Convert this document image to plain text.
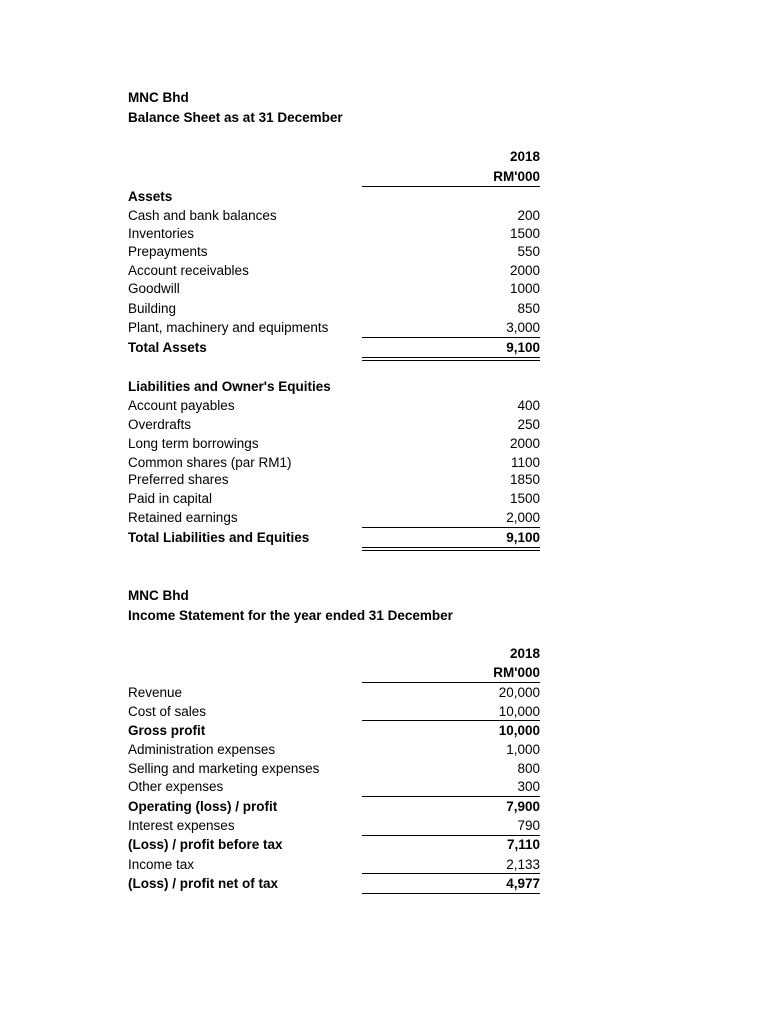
MNC Bhd
Balance Sheet as at 31 December
2018
RM'000
Assets
Cash and bank balances	200
Inventories	1500
Prepayments	550
Account receivables	2000
Goodwill	1000
Building	850
Plant, machinery and equipments	3,000
Total Assets	9,100
Liabilities and Owner's Equities
Account payables	400
Overdrafts	250
Long term borrowings	2000
Common shares (par RM1)	1100
Preferred shares	1850
Paid in capital	1500
Retained earnings	2,000
Total Liabilities and Equities	9,100
MNC Bhd
Income Statement for the year ended 31 December
2018
RM'000
Revenue	20,000
Cost of sales	10,000
Gross profit	10,000
Administration expenses	1,000
Selling and marketing expenses	800
Other expenses	300
Operating (loss) / profit	7,900
Interest expenses	790
(Loss) / profit before tax	7,110
Income tax	2,133
(Loss) / profit net of tax	4,977
